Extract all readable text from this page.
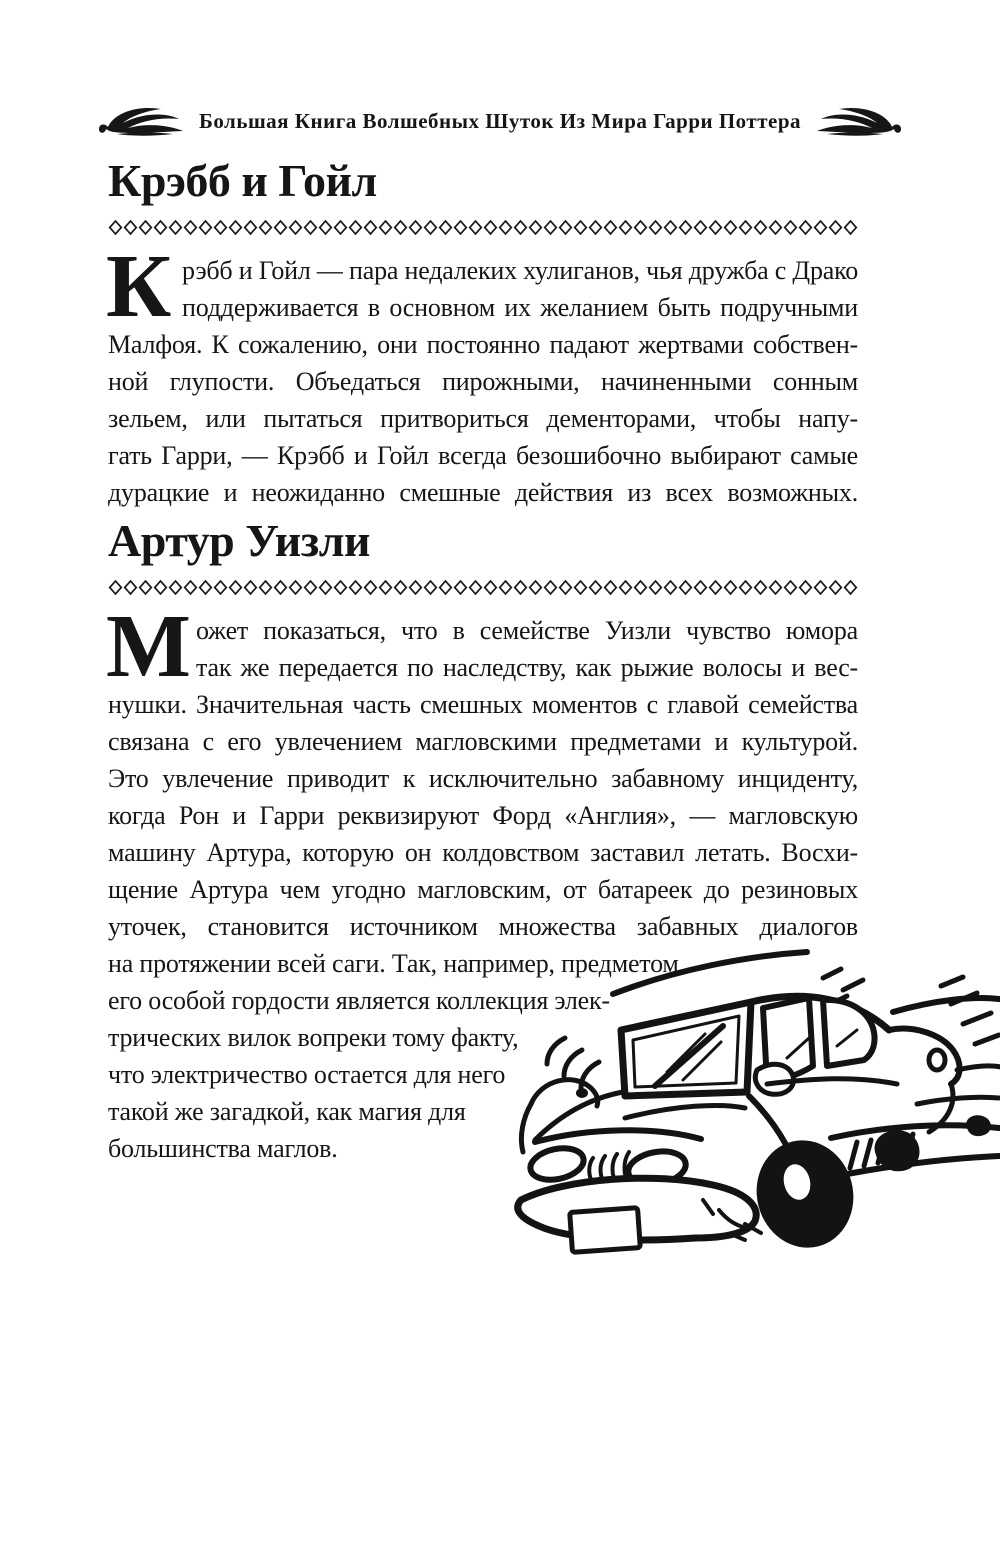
Большая Книга Волшебных Шуток Из Мира Гарри Поттера
Крэбб и Гойл
К рэбб и Гойл — пара недалеких хулиганов, чья дружба с Драко
поддерживается в основном их желанием быть подручными
Малфоя. К сожалению, они постоянно падают жертвами собствен-
ной глупости. Объедаться пирожными, начиненными сонным
зельем, или пытаться притвориться дементорами, чтобы напу-
гать Гарри, — Крэбб и Гойл всегда безошибочно выбирают самые
дурацкие и неожиданно смешные действия из всех возможных.
Артур Уизли
М ожет показаться, что в семействе Уизли чувство юмора
так же передается по наследству, как рыжие волосы и вес-
нушки. Значительная часть смешных моментов с главой семейства
связана с его увлечением магловскими предметами и культурой.
Это увлечение приводит к исключительно забавному инциденту,
когда Рон и Гарри реквизируют Форд «Англия», — магловскую
машину Артура, которую он колдовством заставил летать. Восхи-
щение Артура чем угодно магловским, от батареек до резиновых
уточек, становится источником множества забавных диалогов
на протяжении всей саги. Так, например, предметом
его особой гордости является коллекция элек-
трических вилок вопреки тому факту,
что электричество остается для него
такой же загадкой, как магия для
большинства маглов.
